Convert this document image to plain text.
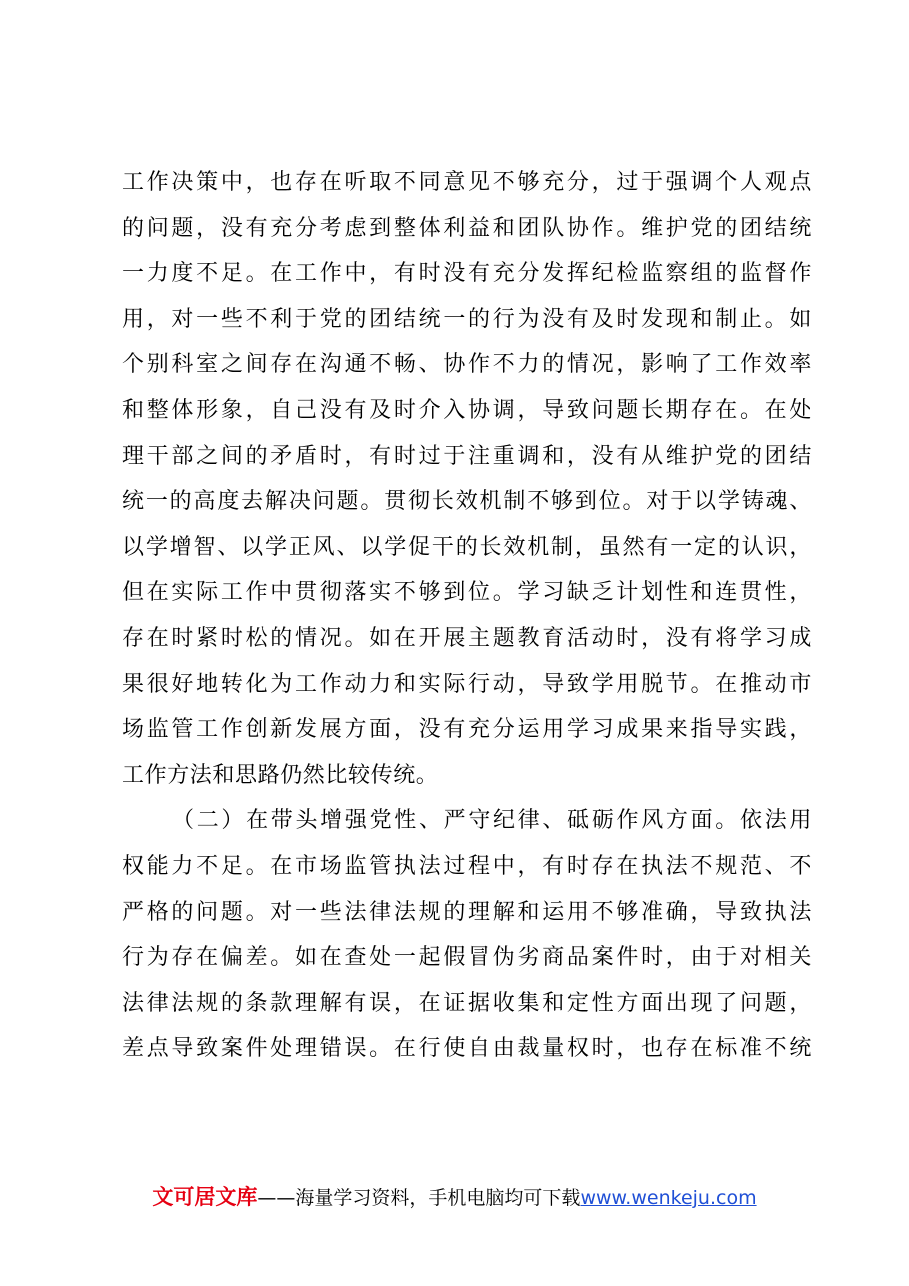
工作决策中，也存在听取不同意见不够充分，过于强调个人观点
的问题，没有充分考虑到整体利益和团队协作。维护党的团结统
一力度不足。在工作中，有时没有充分发挥纪检监察组的监督作
用，对一些不利于党的团结统一的行为没有及时发现和制止。如
个别科室之间存在沟通不畅、协作不力的情况，影响了工作效率
和整体形象，自己没有及时介入协调，导致问题长期存在。在处
理干部之间的矛盾时，有时过于注重调和，没有从维护党的团结
统一的高度去解决问题。贯彻长效机制不够到位。对于以学铸魂、
以学增智、以学正风、以学促干的长效机制，虽然有一定的认识，
但在实际工作中贯彻落实不够到位。学习缺乏计划性和连贯性，
存在时紧时松的情况。如在开展主题教育活动时，没有将学习成
果很好地转化为工作动力和实际行动，导致学用脱节。在推动市
场监管工作创新发展方面，没有充分运用学习成果来指导实践，
工作方法和思路仍然比较传统。
（二）在带头增强党性、严守纪律、砥砺作风方面。依法用
权能力不足。在市场监管执法过程中，有时存在执法不规范、不
严格的问题。对一些法律法规的理解和运用不够准确，导致执法
行为存在偏差。如在查处一起假冒伪劣商品案件时，由于对相关
法律法规的条款理解有误，在证据收集和定性方面出现了问题，
差点导致案件处理错误。在行使自由裁量权时，也存在标准不统
文可居文库——海量学习资料，手机电脑均可下载www.wenkeju.com
